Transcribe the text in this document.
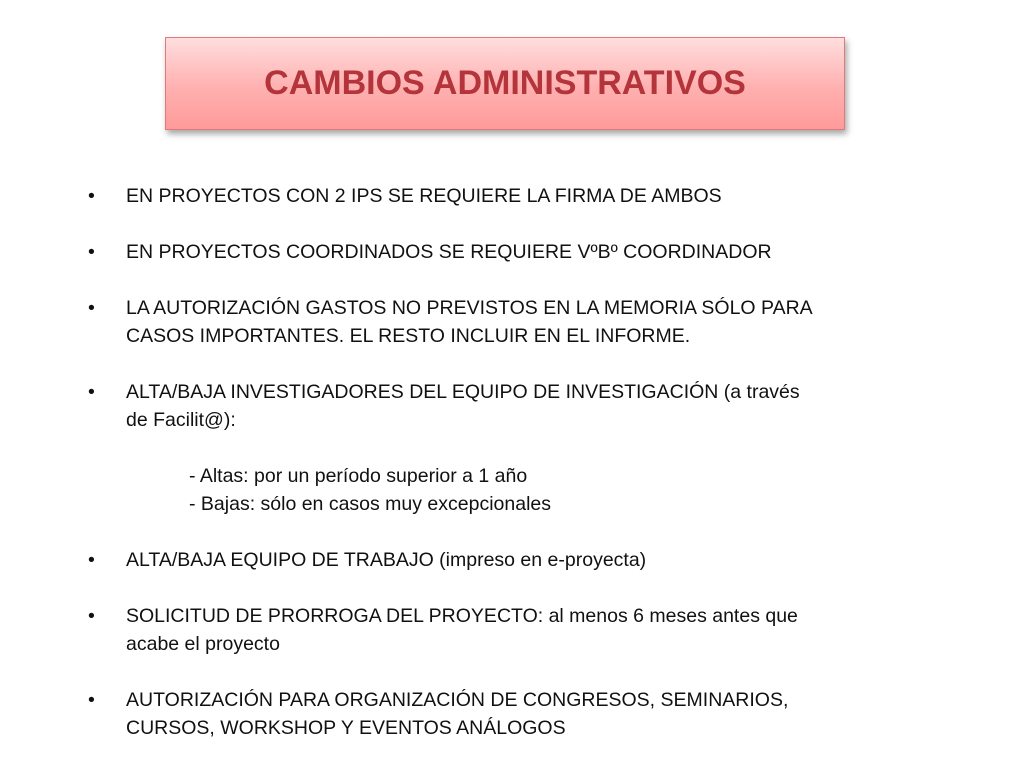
CAMBIOS ADMINISTRATIVOS
• EN PROYECTOS CON 2 IPS SE REQUIERE LA FIRMA DE AMBOS
• EN PROYECTOS COORDINADOS SE REQUIERE VºBº COORDINADOR
• LA AUTORIZACIÓN GASTOS NO PREVISTOS EN LA MEMORIA SÓLO PARA
CASOS IMPORTANTES. EL RESTO INCLUIR EN EL INFORME.
• ALTA/BAJA INVESTIGADORES DEL EQUIPO DE INVESTIGACIÓN (a través
de Facilit@):
- Altas: por un período superior a 1 año
- Bajas: sólo en casos muy excepcionales
• ALTA/BAJA EQUIPO DE TRABAJO (impreso en e-proyecta)
• SOLICITUD DE PRORROGA DEL PROYECTO: al menos 6 meses antes que
acabe el proyecto
• AUTORIZACIÓN PARA ORGANIZACIÓN DE CONGRESOS, SEMINARIOS,
CURSOS, WORKSHOP Y EVENTOS ANÁLOGOS
